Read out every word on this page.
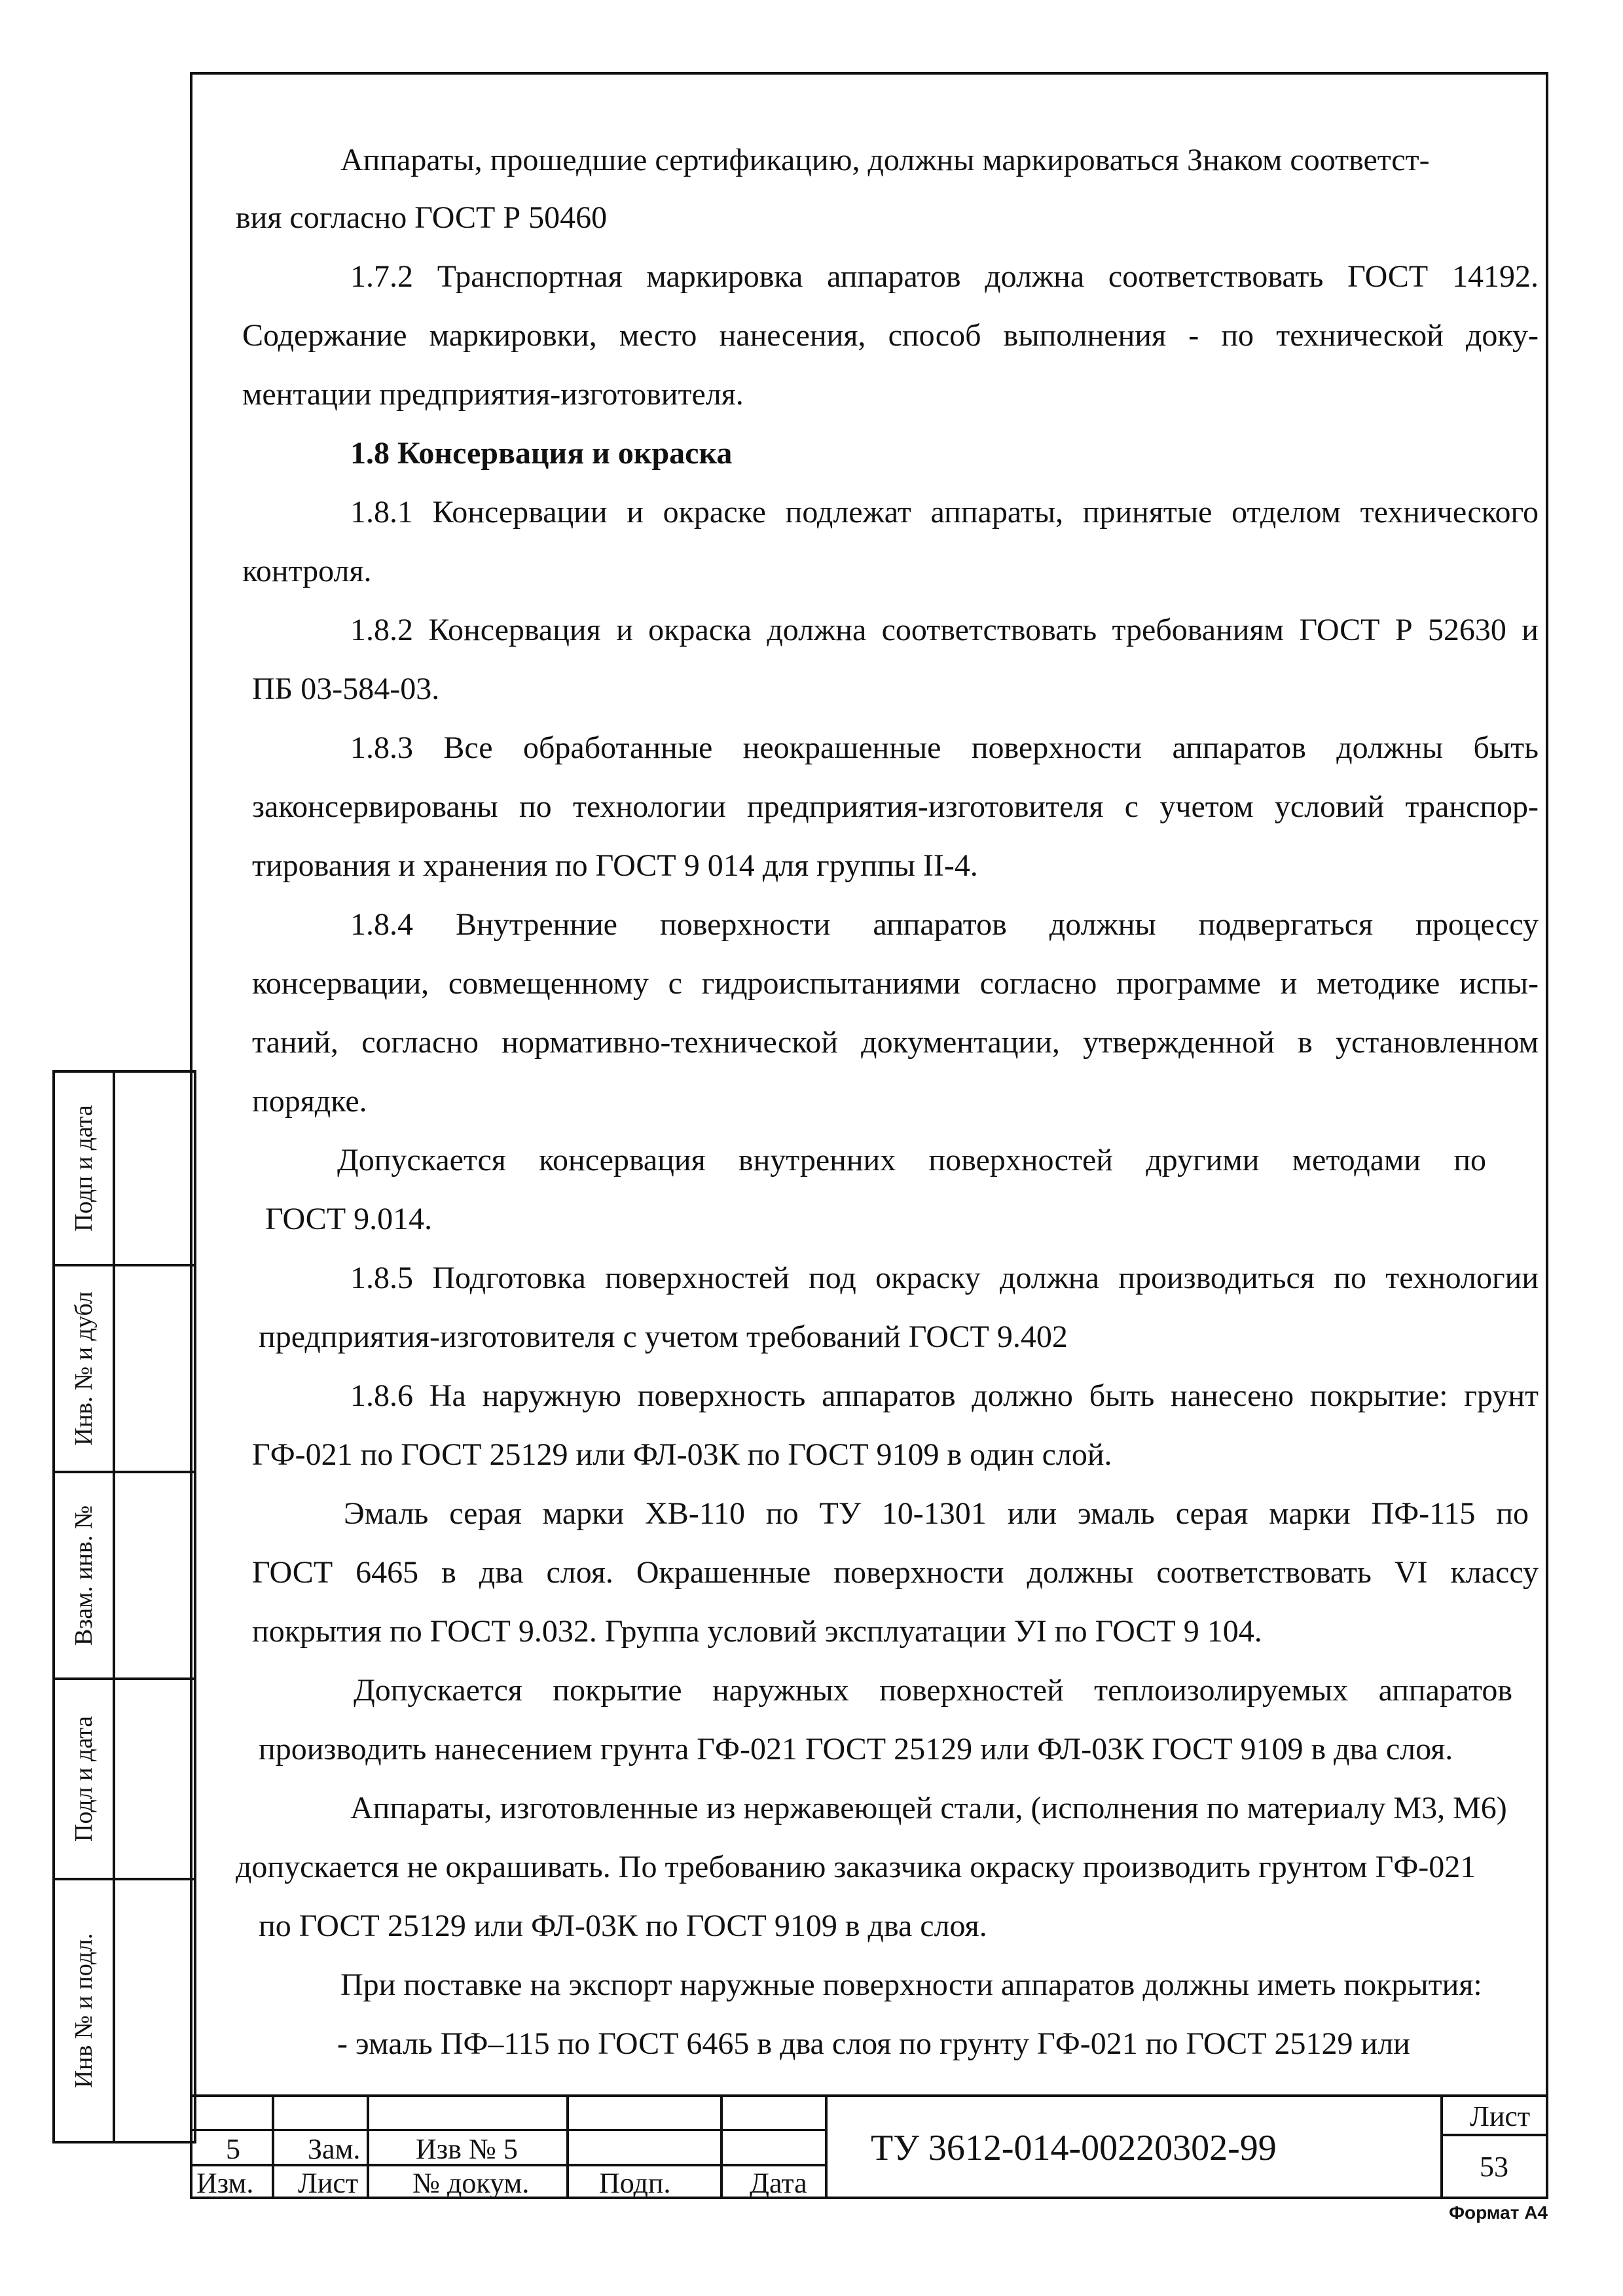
Аппараты, прошедшие сертификацию, должны маркироваться Знаком соответст-
вия согласно ГОСТ Р 50460
1.7.2 Транспортная маркировка аппаратов должна соответствовать ГОСТ 14192.
Содержание маркировки, место нанесения, способ выполнения - по технической доку-
ментации предприятия-изготовителя.
1.8 Консервация и окраска
1.8.1 Консервации и окраске подлежат аппараты, принятые отделом технического
контроля.
1.8.2 Консервация и окраска должна соответствовать требованиям ГОСТ Р 52630 и
ПБ 03-584-03.
1.8.3 Все обработанные неокрашенные поверхности аппаратов должны быть
законсервированы по технологии предприятия-изготовителя с учетом условий транспор-
тирования и хранения по ГОСТ 9 014 для группы II-4.
1.8.4 Внутренние поверхности аппаратов должны подвергаться процессу
консервации, совмещенному с гидроиспытаниями согласно программе и методике испы-
таний, согласно нормативно-технической документации, утвержденной в установленном
порядке.
Допускается консервация внутренних поверхностей другими методами по
ГОСТ 9.014.
1.8.5 Подготовка поверхностей под окраску должна производиться по технологии
предприятия-изготовителя с учетом требований ГОСТ 9.402
1.8.6 На наружную поверхность аппаратов должно быть нанесено покрытие: грунт
ГФ-021 по ГОСТ 25129 или ФЛ-03К по ГОСТ 9109 в один слой.
Эмаль серая марки ХВ-110 по ТУ 10-1301 или эмаль серая марки ПФ-115 по
ГОСТ 6465 в два слоя. Окрашенные поверхности должны соответствовать VI классу
покрытия по ГОСТ 9.032. Группа условий эксплуатации УI по ГОСТ 9 104.
Допускается покрытие наружных поверхностей теплоизолируемых аппаратов
производить нанесением грунта ГФ-021 ГОСТ 25129 или ФЛ-03К ГОСТ 9109 в два слоя.
Аппараты, изготовленные из нержавеющей стали, (исполнения по материалу М3, М6)
допускается не окрашивать. По требованию заказчика окраску производить грунтом ГФ-021
по ГОСТ 25129 или ФЛ-03К по ГОСТ 9109 в два слоя.
При поставке на экспорт наружные поверхности аппаратов должны иметь покрытия:
- эмаль ПФ–115 по ГОСТ 6465 в два слоя по грунту ГФ-021 по ГОСТ 25129 или
Подп и дата
Инв. № и дубл
Взам. инв. №
Подл и дата
Инв № и подл.
5 Зам. Изв № 5
Изм. Лист № докум. Подп.	Дата
ТУ 3612-014-00220302-99
Лист
53
Формат А4
